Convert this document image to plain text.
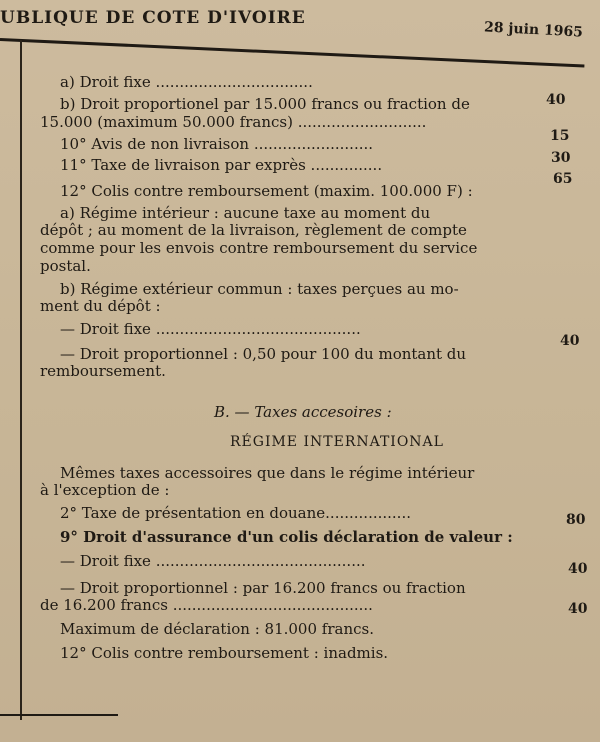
UBLIQUE DE COTE D'IVOIRE
28 juin 1965
a) Droit fixe .................................
b) Droit proportionel par 15.000 francs ou fraction de
15.000 (maximum 50.000 francs) ...........................
10° Avis de non livraison .........................
11° Taxe de livraison par exprès ...............
12° Colis contre remboursement (maxim. 100.000 F) :
a) Régime intérieur : aucune taxe au moment du
dépôt ; au moment de la livraison, règlement de compte
comme pour les envois contre remboursement du service
postal.
b) Régime extérieur commun : taxes perçues au mo-
ment du dépôt :
— Droit fixe ...........................................
— Droit proportionnel : 0,50 pour 100 du montant du
remboursement.
B. — Taxes accesoires :
RÉGIME INTERNATIONAL
Mêmes taxes accessoires que dans le régime intérieur
à l'exception de :
2° Taxe de présentation en douane..................
9° Droit d'assurance d'un colis déclaration de valeur :
— Droit fixe ............................................
— Droit proportionnel : par 16.200 francs ou fraction
de 16.200 francs ..........................................
Maximum de déclaration : 81.000 francs.
12° Colis contre remboursement : inadmis.
40
15
30
65
40
80
40
40
